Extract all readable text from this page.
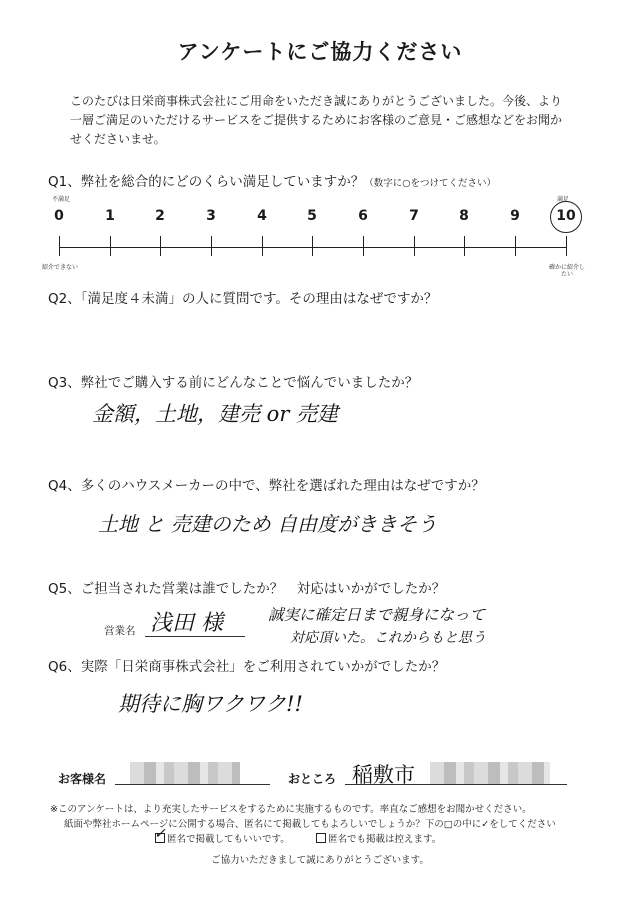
アンケートにご協力ください

このたびは日栄商事株式会社にご用命をいただき誠にありがとうございました。今後、より一層ご満足のいただけるサービスをご提供するためにお客様のご意見・ご感想などをお聞かせくださいませ。

Q1、弊社を総合的にどのくらい満足していますか？（数字に○をつけてください）
不満足	満足
0	1	2	3	4	5	6	7	8	9	10
紹介できない	確かに紹介したい
Q2、「満足度４未満」の人に質問です。その理由はなぜですか？
Q3、弊社でご購入する前にどんなことで悩んでいましたか？
金額，土地，建売 or 売建
Q4、多くのハウスメーカーの中で、弊社を選ばれた理由はなぜですか？
土地 と 売建のため 自由度がききそう
Q5、ご担当された営業は誰でしたか？　対応はいかがでしたか？
営業名 浅田 様	誠実に確定日まで親身になって
対応頂いた。これからもと思う
Q6、実際「日栄商事株式会社」をご利用されていかがでしたか？
期待に胸ワクワク!!
お客様名	おところ 稲敷市
※このアンケートは、より充実したサービスをするために実施するものです。率直なご感想をお聞かせください。
紙面や弊社ホームページに公開する場合、匿名にて掲載してもよろしいでしょうか？下の□の中に✓をしてください
✓ 匿名で掲載してもいいです。	匿名でも掲載は控えます。
ご協力いただきまして誠にありがとうございます。
